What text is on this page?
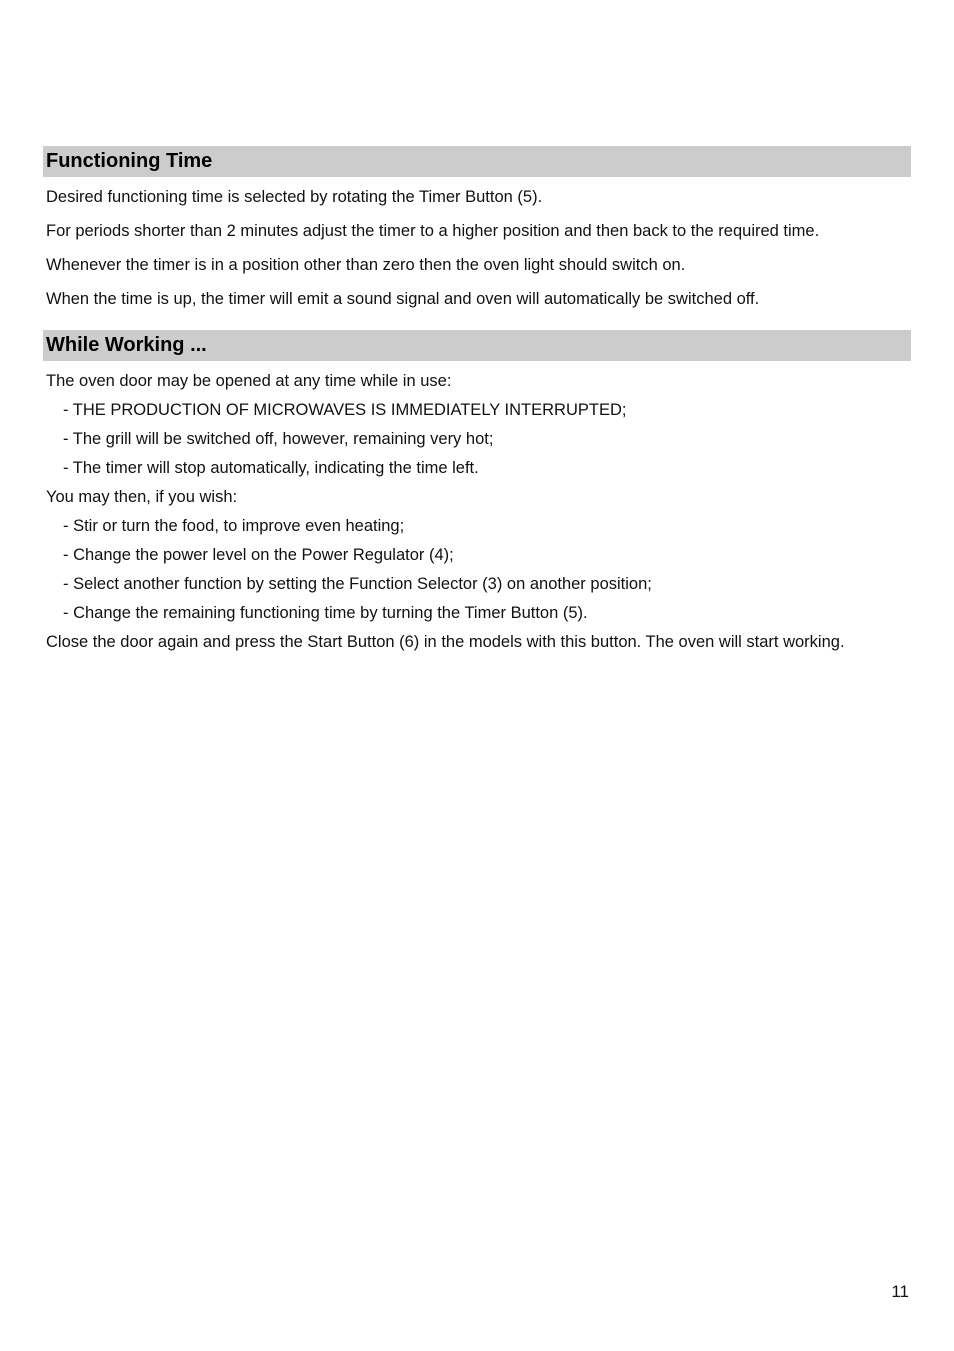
Functioning Time

Desired functioning time is selected by rotating the Timer Button (5).

For periods shorter than 2 minutes adjust the timer to a higher position and then back to the required time.

Whenever the timer is in a position other than zero then the oven light should switch on.

When the time is up, the timer will emit a sound signal and oven will automatically be switched off.

While Working ...

The oven door may be opened at any time while in use:

- THE PRODUCTION OF MICROWAVES IS IMMEDIATELY INTERRUPTED;
- The grill will be switched off, however, remaining very hot;
- The timer will stop automatically, indicating the time left.

You may then, if you wish:

- Stir or turn the food, to improve even heating;
- Change the power level on the Power Regulator (4);
- Select another function by setting the Function Selector (3) on another position;
- Change the remaining functioning time by turning the Timer Button (5).

Close the door again and press the Start Button (6) in the models with this button. The oven will start working.

11
